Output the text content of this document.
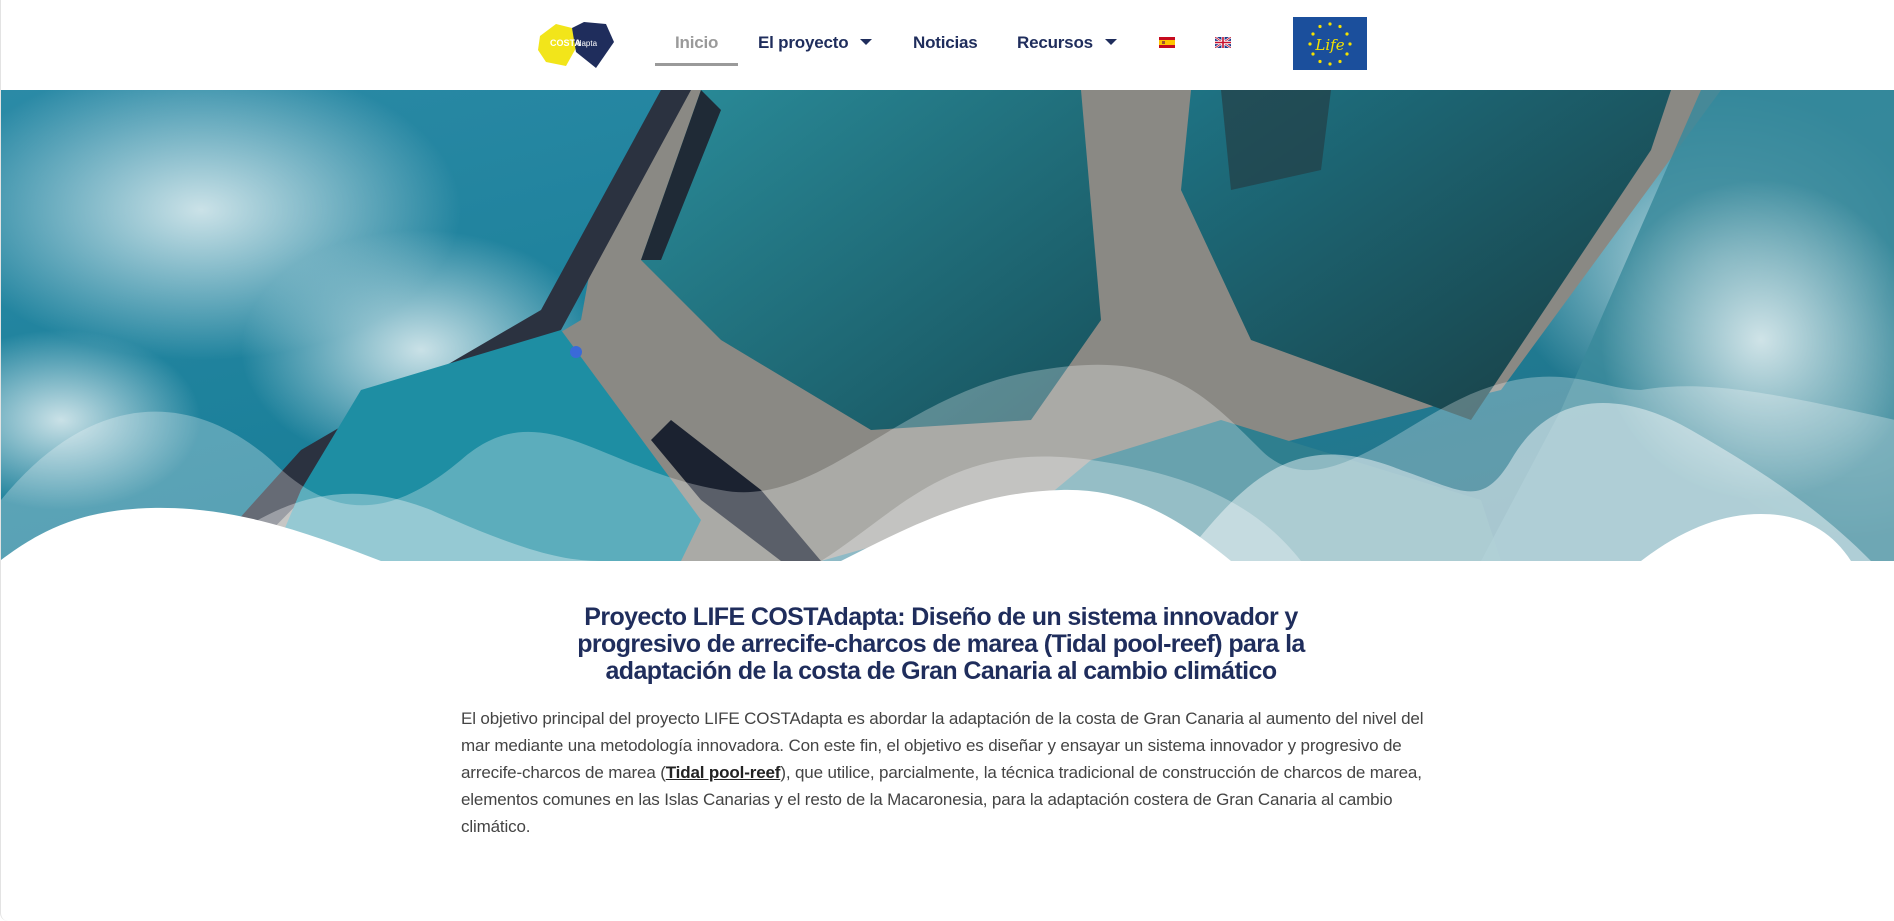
COSTA
dapta	Inicio El proyecto	Noticias Recursos	Life
Proyecto LIFE COSTAdapta: Diseño de un sistema innovador y progresivo de arrecife-charcos de marea (Tidal pool-reef) para la adaptación de la costa de Gran Canaria al cambio climático

El objetivo principal del proyecto LIFE COSTAdapta es abordar la adaptación de la costa de Gran Canaria al aumento del nivel del mar mediante una metodología innovadora. Con este fin, el objetivo es diseñar y ensayar un sistema innovador y progresivo de arrecife-charcos de marea (Tidal pool-reef), que utilice, parcialmente, la técnica tradicional de construcción de charcos de marea, elementos comunes en las Islas Canarias y el resto de la Macaronesia, para la adaptación costera de Gran Canaria al cambio climático.
